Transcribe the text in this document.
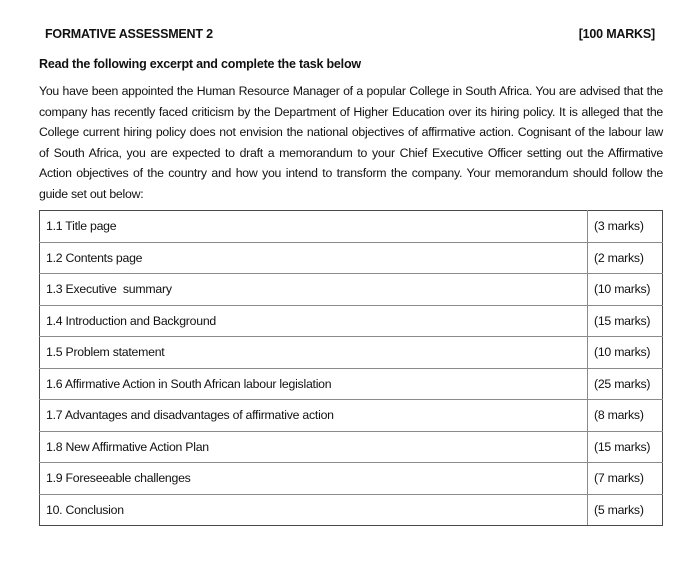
FORMATIVE ASSESSMENT 2	[100 MARKS]
Read the following excerpt and complete the task below
You have been appointed the Human Resource Manager of a popular College in South Africa. You are advised that the company has recently faced criticism by the Department of Higher Education over its hiring policy. It is alleged that the College current hiring policy does not envision the national objectives of affirmative action. Cognisant of the labour law of South Africa, you are expected to draft a memorandum to your Chief Executive Officer setting out the Affirmative Action objectives of the country and how you intend to transform the company. Your memorandum should follow the guide set out below:
1.1 Title page	(3 marks)
1.2 Contents page	(2 marks)
1.3 Executive  summary	(10 marks)
1.4 Introduction and Background	(15 marks)
1.5 Problem statement	(10 marks)
1.6 Affirmative Action in South African labour legislation	(25 marks)
1.7 Advantages and disadvantages of affirmative action	(8 marks)
1.8 New Affirmative Action Plan	(15 marks)
1.9 Foreseeable challenges	(7 marks)
10. Conclusion	(5 marks)
